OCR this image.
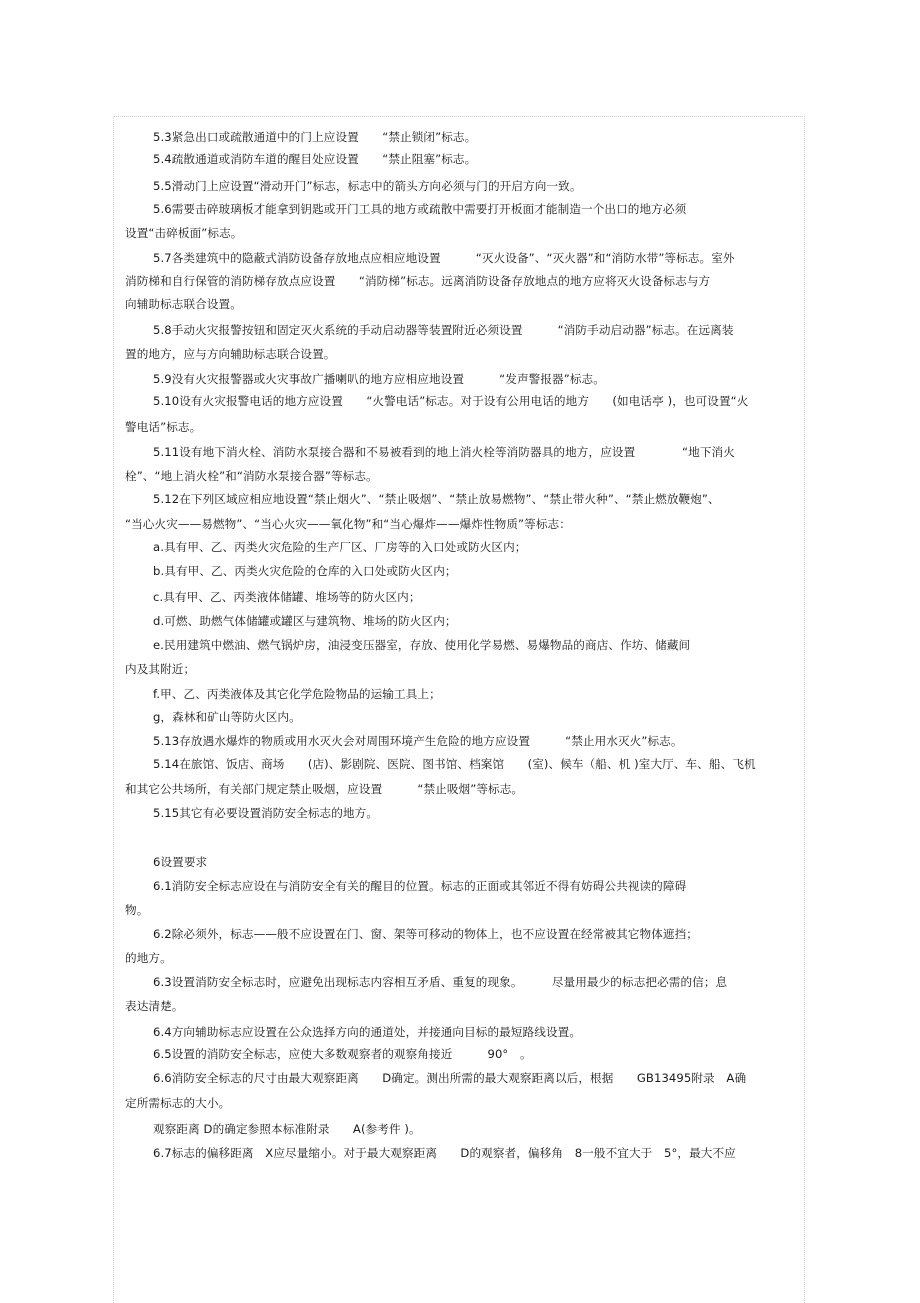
5.3紧急出口或疏散通道中的门上应设置　　“禁止锁闭”标志。
5.4疏散通道或消防车道的醒目处应设置　　“禁止阻塞”标志。
5.5滑动门上应设置“滑动开门”标志，标志中的箭头方向必须与门的开启方向一致。
5.6需要击碎玻璃板才能拿到钥匙或开门工具的地方或疏散中需要打开板面才能制造一个出口的地方必须
设置“击碎板面”标志。
5.7各类建筑中的隐蔽式消防设备存放地点应相应地设置　　　“灭火设备”、“灭火器”和“消防水带”等标志。室外
消防梯和自行保管的消防梯存放点应设置　　“消防梯”标志。远离消防设备存放地点的地方应将灭火设备标志与方
向辅助标志联合设置。
5.8手动火灾报警按钮和固定灭火系统的手动启动器等装置附近必须设置　　　“消防手动启动器”标志。在远离装
置的地方，应与方向辅助标志联合设置。
5.9没有火灾报警器或火灾事故广播喇叭的地方应相应地设置　　　“发声警报器”标志。
5.10设有火灾报警电话的地方应设置　　“火警电话”标志。对于设有公用电话的地方　　(如电话亭 )，也可设置“火
警电话”标志。
5.11设有地下消火栓、消防水泵接合器和不易被看到的地上消火栓等消防器具的地方，应设置　　　　“地下消火
栓”、“地上消火栓”和“消防水泵接合器”等标志。
5.12在下列区域应相应地设置“禁止烟火”、“禁止吸烟”、“禁止放易燃物”、“禁止带火种”、“禁止燃放鞭炮”、
“当心火灾——易燃物”、“当心火灾——氧化物”和“当心爆炸——爆炸性物质”等标志：
a.具有甲、乙、丙类火灾危险的生产厂区、厂房等的入口处或防火区内；
b.具有甲、乙、丙类火灾危险的仓库的入口处或防火区内；
c.具有甲、乙、丙类液体储罐、堆场等的防火区内；
d.可燃、助燃气体储罐或罐区与建筑物、堆场的防火区内；
e.民用建筑中燃油、燃气锅炉房，油浸变压器室，存放、使用化学易燃、易爆物品的商店、作坊、储藏间
内及其附近；
f.甲、乙、丙类液体及其它化学危险物品的运输工具上；
g，森林和矿山等防火区内。
5.13存放遇水爆炸的物质或用水灭火会对周围环境产生危险的地方应设置　　　“禁止用水灭火”标志。
5.14在旅馆、饭店、商场　　(店)、影剧院、医院、图书馆、档案馆　　(室)、候车（船、机 )室大厅、车、船、飞机
和其它公共场所，有关部门规定禁止吸烟，应设置　　　“禁止吸烟”等标志。
5.15其它有必要设置消防安全标志的地方。
6设置要求
6.1消防安全标志应设在与消防安全有关的醒目的位置。标志的正面或其邻近不得有妨碍公共视读的障碍
物。
6.2除必须外，标志——般不应设置在门、窗、架等可移动的物体上，也不应设置在经常被其它物体遮挡；
的地方。
6.3设置消防安全标志时，应避免出现标志内容相互矛盾、重复的现象。　　　尽量用最少的标志把必需的信；息
表达清楚。
6.4方向辅助标志应设置在公众选择方向的通道处，并接通向目标的最短路线设置。
6.5设置的消防安全标志，应使大多数观察者的观察角接近　　　90°　。
6.6消防安全标志的尺寸由最大观察距离　　D确定。测出所需的最大观察距离以后，根据　　GB13495附录　A确
定所需标志的大小。
观察距离 D的确定参照本标准附录　　A(参考件 )。
6.7标志的偏移距离　X应尽量缩小。对于最大观察距离　　D的观察者，偏移角　8一般不宜大于　5°，最大不应
